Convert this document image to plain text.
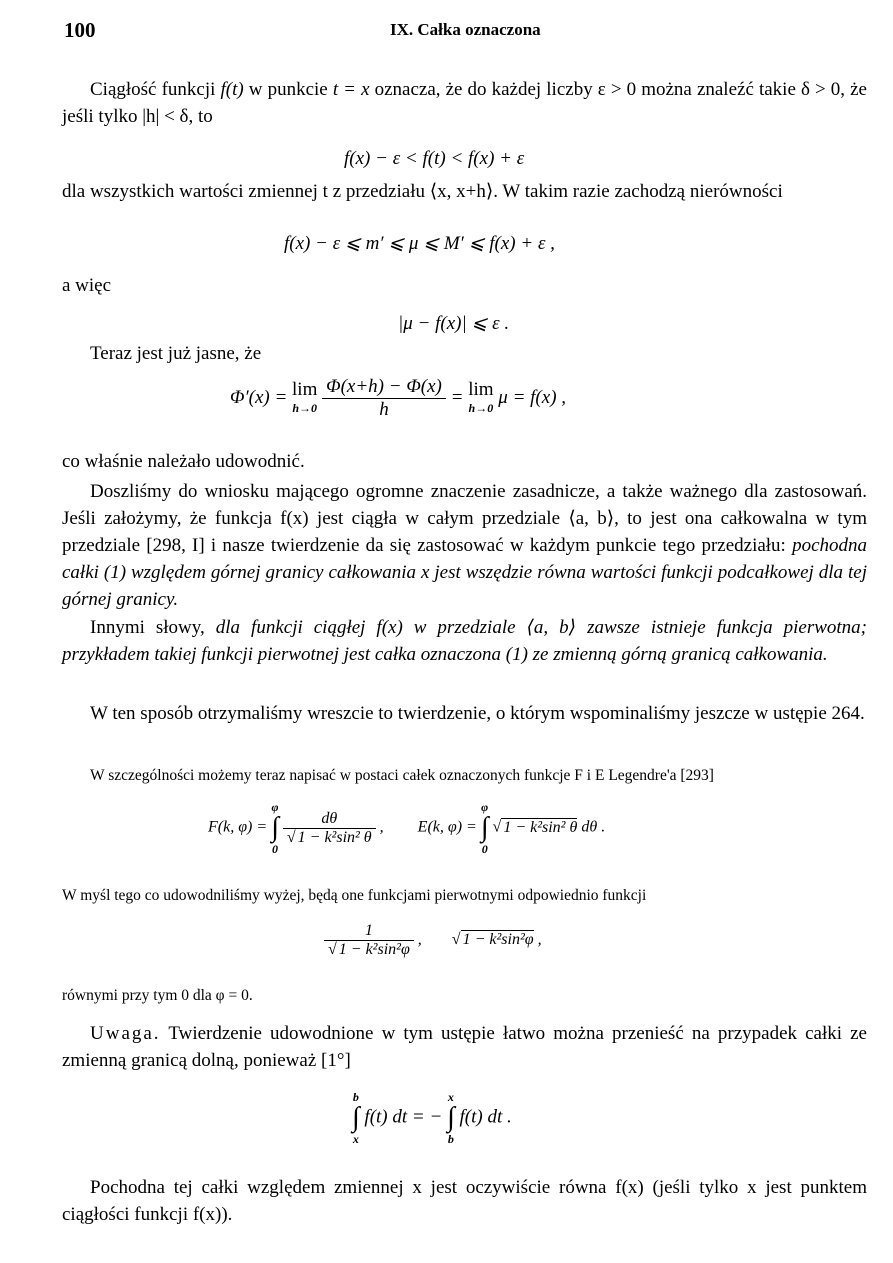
100	IX. Całka oznaczona

Ciągłość funkcji f(t) w punkcie t = x oznacza, że do każdej liczby ε > 0 można znaleźć takie δ > 0, że jeśli tylko |h| < δ, to

f(x) − ε < f(t) < f(x) + ε

dla wszystkich wartości zmiennej t z przedziału ⟨x, x+h⟩. W takim razie zachodzą nierówności

f(x) − ε ⩽ m′ ⩽ μ ⩽ M′ ⩽ f(x) + ε ,

a więc

|μ − f(x)| ⩽ ε .

Teraz jest już jasne, że

Φ′(x) = lim
h→0
$\frac{\Phi(x+h) - \Phi(x)}{h} = \lim$
h→0 μ = f(x) ,

co właśnie należało udowodnić.

Doszliśmy do wniosku mającego ogromne znaczenie zasadnicze, a także ważnego dla zastosowań. Jeśli założymy, że funkcja f(x) jest ciągła w całym przedziale ⟨a, b⟩, to jest ona całkowalna w tym przedziale [298, I] i nasze twierdzenie da się zastosować w każdym punkcie tego przedziału: pochodna całki (1) względem górnej granicy całkowania x jest wszędzie równa wartości funkcji podcałkowej dla tej górnej granicy.

Innymi słowy, dla funkcji ciągłej f(x) w przedziale ⟨a, b⟩ zawsze istnieje funkcja pierwotna; przykładem takiej funkcji pierwotnej jest całka oznaczona (1) ze zmienną górną granicą całkowania.

W ten sposób otrzymaliśmy wreszcie to twierdzenie, o którym wspominaliśmy jeszcze w ustępie 264.

W szczególności możemy teraz napisać w postaci całek oznaczonych funkcje F i E Legendre'a [293]

F(k, φ) =
φ
∫
0

$\frac{d\theta}{\text{√ 1 − k²sin² θ}}$ , E(k, φ) =
φ
∫
0
√ 1 − k²sin² θ dθ .

W myśl tego co udowodniliśmy wyżej, będą one funkcjami pierwotnymi odpowiednio funkcji

$\frac{1}{\text{√ 1 − k²sin²φ}}$ , √ 1 − k²sin²φ ,

równymi przy tym 0 dla φ = 0.

Uwaga. Twierdzenie udowodnione w tym ustępie łatwo można przenieść na przypadek całki ze zmienną granicą dolną, ponieważ [1°]

b
∫
x
f(t) dt = −
x
∫
b
f(t) dt .

Pochodna tej całki względem zmiennej x jest oczywiście równa f(x) (jeśli tylko x jest punktem ciągłości funkcji f(x)).
